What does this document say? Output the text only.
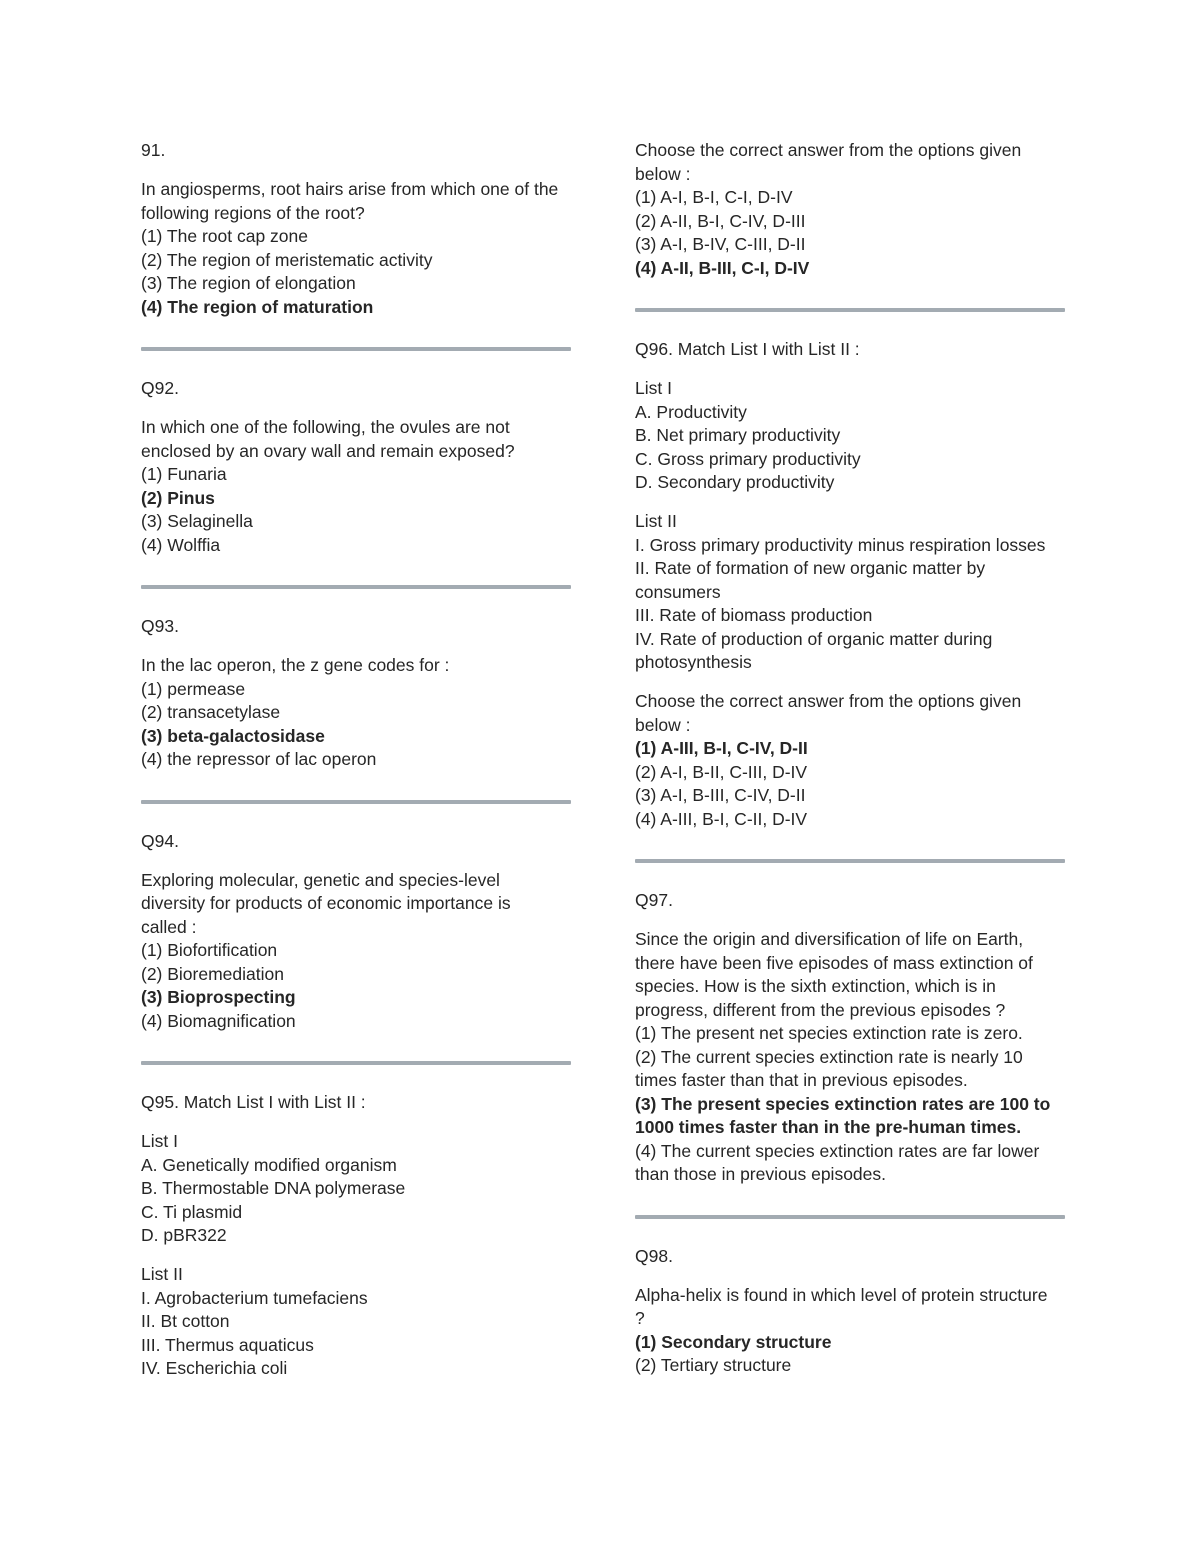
91.
In angiosperms, root hairs arise from which one of the
following regions of the root?
(1) The root cap zone
(2) The region of meristematic activity
(3) The region of elongation
(4) The region of maturation
Q92.
In which one of the following, the ovules are not
enclosed by an ovary wall and remain exposed?
(1) Funaria
(2) Pinus
(3) Selaginella
(4) Wolffia
Q93.
In the lac operon, the z gene codes for :
(1) permease
(2) transacetylase
(3) beta-galactosidase
(4) the repressor of lac operon
Q94.
Exploring molecular, genetic and species-level
diversity for products of economic importance is
called :
(1) Biofortification
(2) Bioremediation
(3) Bioprospecting
(4) Biomagnification
Q95. Match List I with List II :
List I
A. Genetically modified organism
B. Thermostable DNA polymerase
C. Ti plasmid
D. pBR322
List II
I. Agrobacterium tumefaciens
II. Bt cotton
III. Thermus aquaticus
IV. Escherichia coli
Choose the correct answer from the options given
below :
(1) A-I, B-I, C-I, D-IV
(2) A-II, B-I, C-IV, D-III
(3) A-I, B-IV, C-III, D-II
(4) A-II, B-III, C-I, D-IV
Q96. Match List I with List II :
List I
A. Productivity
B. Net primary productivity
C. Gross primary productivity
D. Secondary productivity
List II
I. Gross primary productivity minus respiration losses
II. Rate of formation of new organic matter by
consumers
III. Rate of biomass production
IV. Rate of production of organic matter during
photosynthesis
Choose the correct answer from the options given
below :
(1) A-III, B-I, C-IV, D-II
(2) A-I, B-II, C-III, D-IV
(3) A-I, B-III, C-IV, D-II
(4) A-III, B-I, C-II, D-IV
Q97.
Since the origin and diversification of life on Earth,
there have been five episodes of mass extinction of
species. How is the sixth extinction, which is in
progress, different from the previous episodes ?
(1) The present net species extinction rate is zero.
(2) The current species extinction rate is nearly 10
times faster than that in previous episodes.
(3) The present species extinction rates are 100 to
1000 times faster than in the pre-human times.
(4) The current species extinction rates are far lower
than those in previous episodes.
Q98.
Alpha-helix is found in which level of protein structure
?
(1) Secondary structure
(2) Tertiary structure
